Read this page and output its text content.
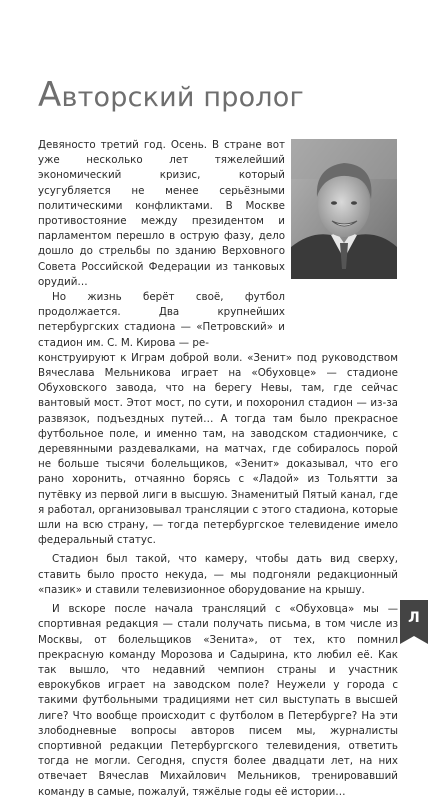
Авторский пролог

Девяносто третий год. Осень. В стране вот уже несколько лет тяжелейший экономический кризис, который усугубляется не менее серьёзными политическими конфликтами. В Москве противостояние между президентом и парламентом перешло в острую фазу, дело дошло до стрельбы по зданию Верховного Совета Российской Федерации из танковых орудий…

Но жизнь берёт своё, футбол продолжается. Два крупнейших петербургских стадиона — «Петровский» и стадион им. С. М. Кирова — ре-

конструируют к Играм доброй воли. «Зенит» под руководством Вячеслава Мельникова играет на «Обуховце» — стадионе Обуховского завода, что на берегу Невы, там, где сейчас вантовый мост. Этот мост, по сути, и похоронил стадион — из-за развязок, подъездных путей… А тогда там было прекрасное футбольное поле, и именно там, на заводском стадиончике, с деревянными раздевалками, на матчах, где собиралось порой не больше тысячи болельщиков, «Зенит» доказывал, что его рано хоронить, отчаянно борясь с «Ладой» из Тольятти за путёвку из первой лиги в высшую. Знаменитый Пятый канал, где я работал, организовывал трансляции с этого стадиона, которые шли на всю страну, — тогда петербургское телевидение имело федеральный статус.

Стадион был такой, что камеру, чтобы дать вид сверху, ставить было просто некуда, — мы подгоняли редакционный «пазик» и ставили телевизионное оборудование на крышу.

И вскоре после начала трансляций с «Обуховца» мы — спортивная редакция — стали получать письма, в том числе из Москвы, от болельщиков «Зенита», от тех, кто помнил прекрасную команду Морозова и Садырина, кто любил её. Как так вышло, что недавний чемпион страны и участник еврокубков играет на заводском поле? Неужели у города с такими футбольными традициями нет сил выступать в высшей лиге? Что вообще происходит с футболом в Петербурге? На эти злободневные вопросы авторов писем мы, журналисты спортивной редакции Петербургского телевидения, ответить тогда не могли. Сегодня, спустя более двадцати лет, на них отвечает Вячеслав Михайлович Мельников, тренировавший команду в самые, пожалуй, тяжёлые годы её истории…

Л
